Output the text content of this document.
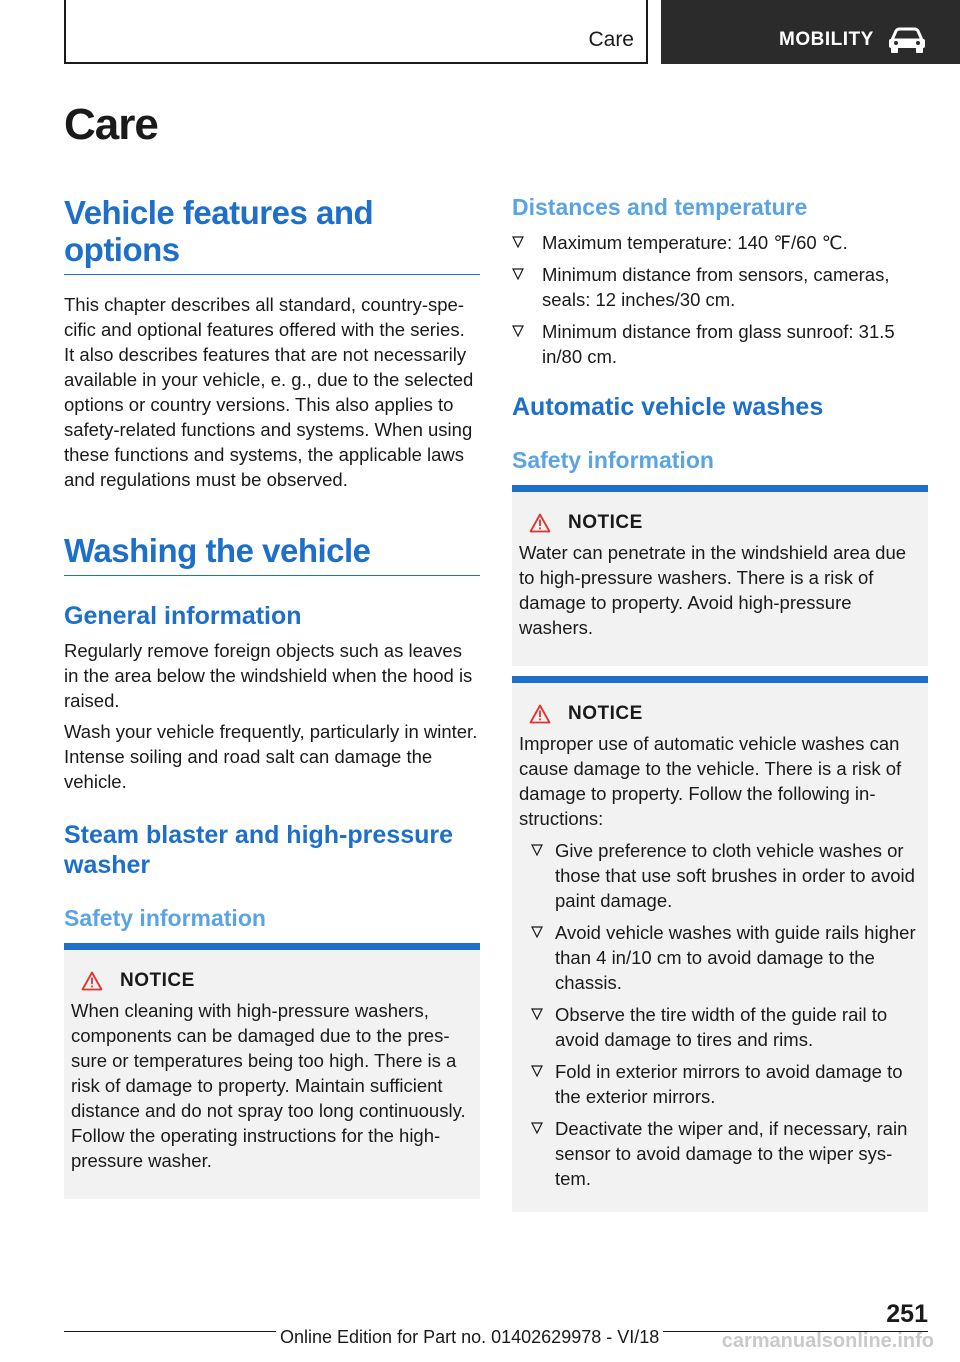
Care	MOBILITY
Care
Vehicle features and options

This chapter describes all standard, country-specific and optional features offered with the series. It also describes features that are not necessarily available in your vehicle, e. g., due to the selected options or country versions. This also applies to safety-related functions and systems. When using these functions and systems, the applicable laws and regulations must be observed.

Washing the vehicle
General information

Regularly remove foreign objects such as leaves in the area below the windshield when the hood is raised.

Wash your vehicle frequently, particularly in winter. Intense soiling and road salt can damage the vehicle.

Steam blaster and high-pressure washer
Safety information
NOTICE

When cleaning with high-pressure washers, components can be damaged due to the pressure or temperatures being too high. There is a risk of damage to property. Maintain sufficient distance and do not spray too long continuously. Follow the operating instructions for the high-pressure washer.

Distances and temperature
Maximum temperature: 140 ℉/60 ℃.
Minimum distance from sensors, cameras, seals: 12 inches/30 cm.
Minimum distance from glass sunroof: 31.5 in/80 cm.
Automatic vehicle washes
Safety information
NOTICE

Water can penetrate in the windshield area due to high-pressure washers. There is a risk of damage to property. Avoid high-pressure washers.

NOTICE

Improper use of automatic vehicle washes can cause damage to the vehicle. There is a risk of damage to property. Follow the following instructions:

Give preference to cloth vehicle washes or those that use soft brushes in order to avoid paint damage.
Avoid vehicle washes with guide rails higher than 4 in/10 cm to avoid damage to the chassis.
Observe the tire width of the guide rail to avoid damage to tires and rims.
Fold in exterior mirrors to avoid damage to the exterior mirrors.
Deactivate the wiper and, if necessary, rain sensor to avoid damage to the wiper system.
251
Online Edition for Part no. 01402629978 - VI/18	carmanualsonline.info
